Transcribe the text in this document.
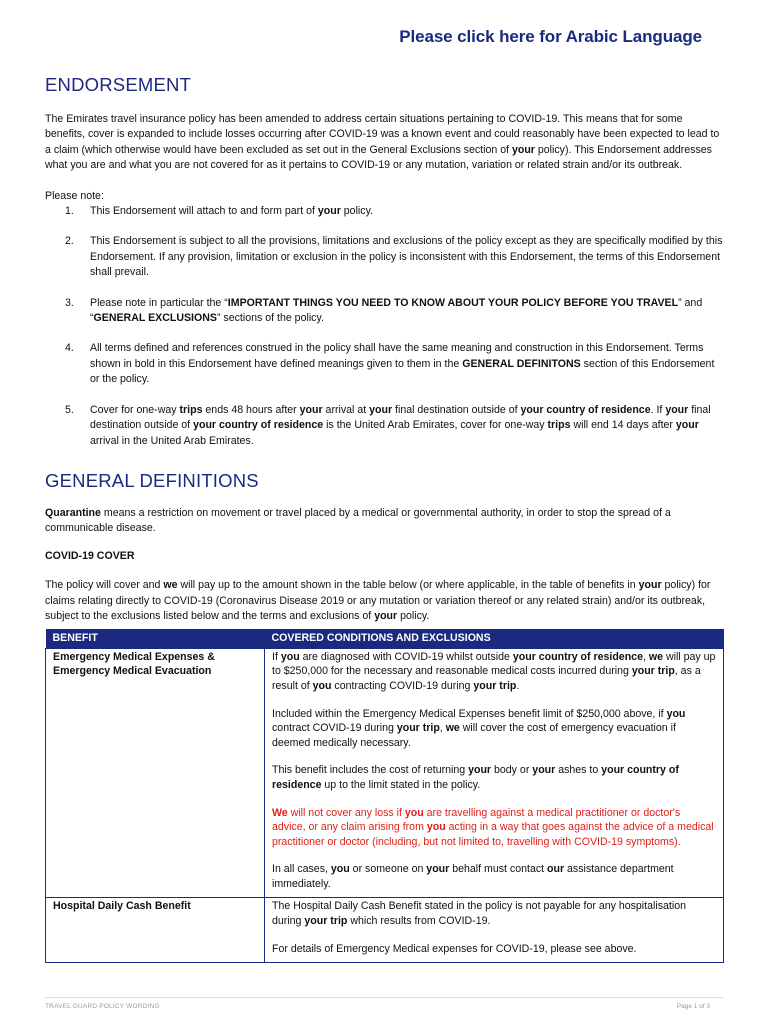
Please click here for Arabic Language
ENDORSEMENT

The Emirates travel insurance policy has been amended to address certain situations pertaining to COVID-19. This means that for some benefits, cover is expanded to include losses occurring after COVID-19 was a known event and could reasonably have been expected to lead to a claim (which otherwise would have been excluded as set out in the General Exclusions section of your policy). This Endorsement addresses what you are and what you are not covered for as it pertains to COVID-19 or any mutation, variation or related strain and/or its outbreak.

Please note:

1. This Endorsement will attach to and form part of your policy.
2. This Endorsement is subject to all the provisions, limitations and exclusions of the policy except as they are specifically modified by this Endorsement. If any provision, limitation or exclusion in the policy is inconsistent with this Endorsement, the terms of this Endorsement shall prevail.
3. Please note in particular the “IMPORTANT THINGS YOU NEED TO KNOW ABOUT YOUR POLICY BEFORE YOU TRAVEL” and “GENERAL EXCLUSIONS” sections of the policy.
4. All terms defined and references construed in the policy shall have the same meaning and construction in this Endorsement. Terms shown in bold in this Endorsement have defined meanings given to them in the GENERAL DEFINITONS section of this Endorsement or the policy.
5. Cover for one-way trips ends 48 hours after your arrival at your final destination outside of your country of residence. If your final destination outside of your country of residence is the United Arab Emirates, cover for one-way trips will end 14 days after your arrival in the United Arab Emirates.
GENERAL DEFINITIONS

Quarantine means a restriction on movement or travel placed by a medical or governmental authority, in order to stop the spread of a communicable disease.

COVID-19 COVER

The policy will cover and we will pay up to the amount shown in the table below (or where applicable, in the table of benefits in your policy) for claims relating directly to COVID-19 (Coronavirus Disease 2019 or any mutation or variation thereof or any related strain) and/or its outbreak, subject to the exclusions listed below and the terms and exclusions of your policy.

BENEFIT	COVERED CONDITIONS AND EXCLUSIONS
Emergency Medical Expenses & Emergency Medical Evacuation	If you are diagnosed with COVID-19 whilst outside your country of residence, we will pay up to $250,000 for the necessary and reasonable medical costs incurred during your trip, as a result of you contracting COVID-19 during your trip.

Included within the Emergency Medical Expenses benefit limit of $250,000 above, if you contract COVID-19 during your trip, we will cover the cost of emergency evacuation if deemed medically necessary.

This benefit includes the cost of returning your body or your ashes to your country of residence up to the limit stated in the policy.

We will not cover any loss if you are travelling against a medical practitioner or doctor's advice, or any claim arising from you acting in a way that goes against the advice of a medical practitioner or doctor (including, but not limited to, travelling with COVID-19 symptoms).

In all cases, you or someone on your behalf must contact our assistance department immediately.

Hospital Daily Cash Benefit	The Hospital Daily Cash Benefit stated in the policy is not payable for any hospitalisation during your trip which results from COVID-19.

For details of Emergency Medical expenses for COVID-19, please see above.

TRAVEL GUARD POLICY WORDING	Page 1 of 3
